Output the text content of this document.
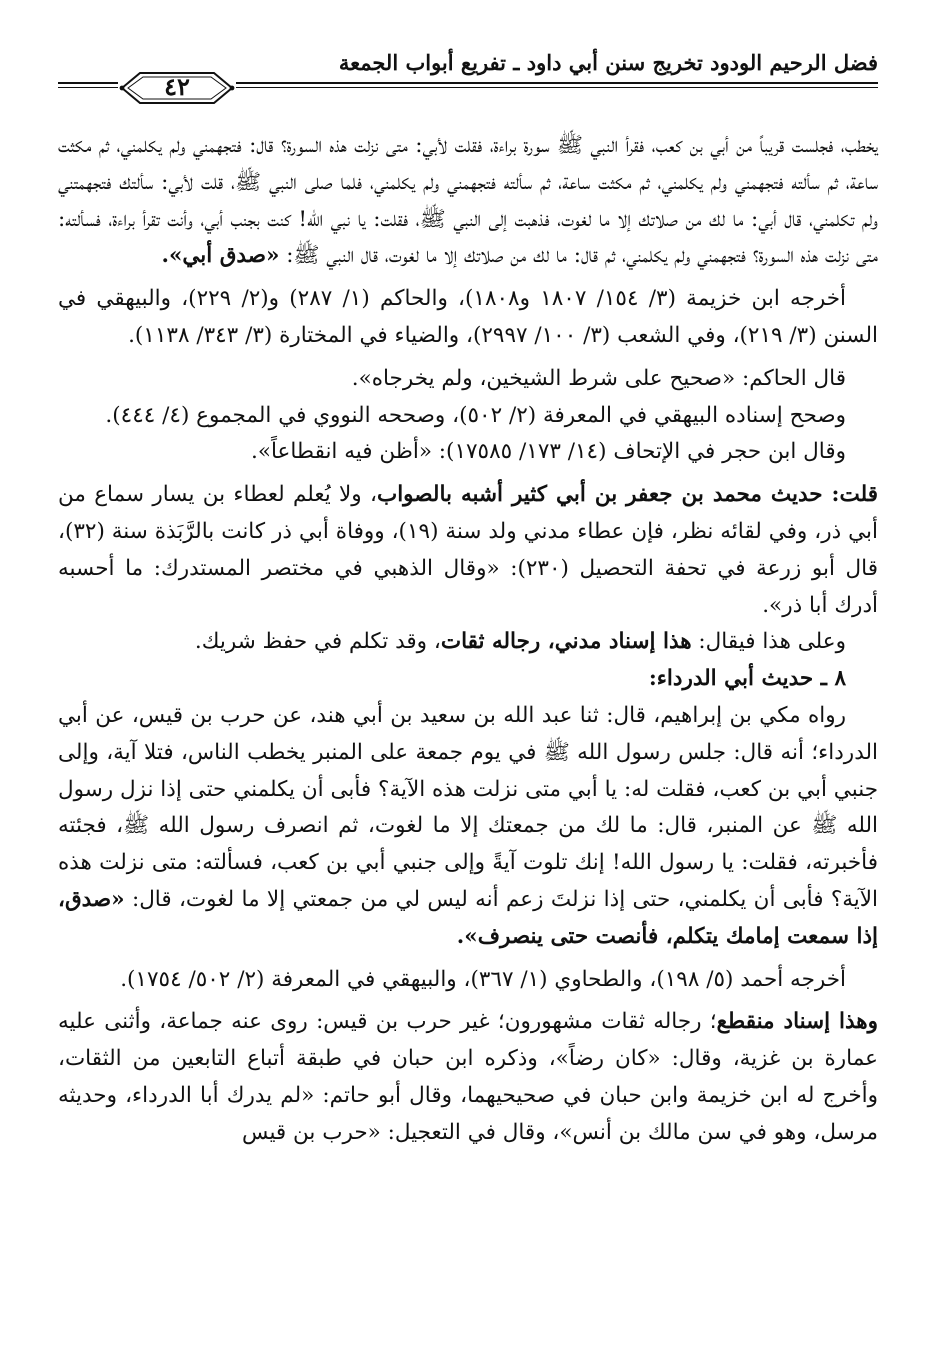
فضل الرحيم الودود تخريج سنن أبي داود ـ تفريع أبواب الجمعة
٤٢

يخطب، فجلست قريباً من أبي بن كعب، فقرأ النبي ﷺ سورة براءة، فقلت لأبي: متى نزلت هذه السورة؟ قال: فتجهمني ولم يكلمني، ثم مكثت ساعة، ثم سألته فتجهمني ولم يكلمني، ثم مكثت ساعة، ثم سألته فتجهمني ولم يكلمني، فلما صلى النبي ﷺ، قلت لأبي: سألتك فتجهمتني ولم تكلمني، قال أبي: ما لك من صلاتك إلا ما لغوت، فذهبت إلى النبي ﷺ، فقلت: يا نبي الله! كنت بجنب أبي، وأنت تقرأ براءة، فسألته: متى نزلت هذه السورة؟ فتجهمني ولم يكلمني، ثم قال: ما لك من صلاتك إلا ما لغوت، قال النبي ﷺ: «صدق أبي».

أخرجه ابن خزيمة (٣/ ١٥٤/ ١٨٠٧ و١٨٠٨)، والحاكم (١/ ٢٨٧) و(٢/ ٢٢٩)، والبيهقي في السنن (٣/ ٢١٩)، وفي الشعب (٣/ ١٠٠/ ٢٩٩٧)، والضياء في المختارة (٣/ ٣٤٣/ ١١٣٨).

قال الحاكم: «صحيح على شرط الشيخين، ولم يخرجاه».

وصحح إسناده البيهقي في المعرفة (٢/ ٥٠٢)، وصححه النووي في المجموع (٤/ ٤٤٤).

وقال ابن حجر في الإتحاف (١٤/ ١٧٣/ ١٧٥٨٥): «أظن فيه انقطاعاً».

قلت: حديث محمد بن جعفر بن أبي كثير أشبه بالصواب، ولا يُعلم لعطاء بن يسار سماع من أبي ذر، وفي لقائه نظر، فإن عطاء مدني ولد سنة (١٩)، ووفاة أبي ذر كانت بالرَّبَذة سنة (٣٢)، قال أبو زرعة في تحفة التحصيل (٢٣٠): «وقال الذهبي في مختصر المستدرك: ما أحسبه أدرك أبا ذر».

وعلى هذا فيقال: هذا إسناد مدني، رجاله ثقات، وقد تكلم في حفظ شريك.

٨ ـ حديث أبي الدرداء:

رواه مكي بن إبراهيم، قال: ثنا عبد الله بن سعيد بن أبي هند، عن حرب بن قيس، عن أبي الدرداء؛ أنه قال: جلس رسول الله ﷺ في يوم جمعة على المنبر يخطب الناس، فتلا آية، وإلى جنبي أبي بن كعب، فقلت له: يا أبي متى نزلت هذه الآية؟ فأبى أن يكلمني حتى إذا نزل رسول الله ﷺ عن المنبر، قال: ما لك من جمعتك إلا ما لغوت، ثم انصرف رسول الله ﷺ، فجئته فأخبرته، فقلت: يا رسول الله! إنك تلوت آيةً وإلى جنبي أبي بن كعب، فسألته: متى نزلت هذه الآية؟ فأبى أن يكلمني، حتى إذا نزلتَ زعم أنه ليس لي من جمعتي إلا ما لغوت، قال: «صدق، إذا سمعت إمامك يتكلم، فأنصت حتى ينصرف».

أخرجه أحمد (٥/ ١٩٨)، والطحاوي (١/ ٣٦٧)، والبيهقي في المعرفة (٢/ ٥٠٢/ ١٧٥٤).

وهذا إسناد منقطع؛ رجاله ثقات مشهورون؛ غير حرب بن قيس: روى عنه جماعة، وأثنى عليه عمارة بن غزية، وقال: «كان رضاً»، وذكره ابن حبان في طبقة أتباع التابعين من الثقات، وأخرج له ابن خزيمة وابن حبان في صحيحيهما، وقال أبو حاتم: «لم يدرك أبا الدرداء، وحديثه مرسل، وهو في سن مالك بن أنس»، وقال في التعجيل: «حرب بن قيس
